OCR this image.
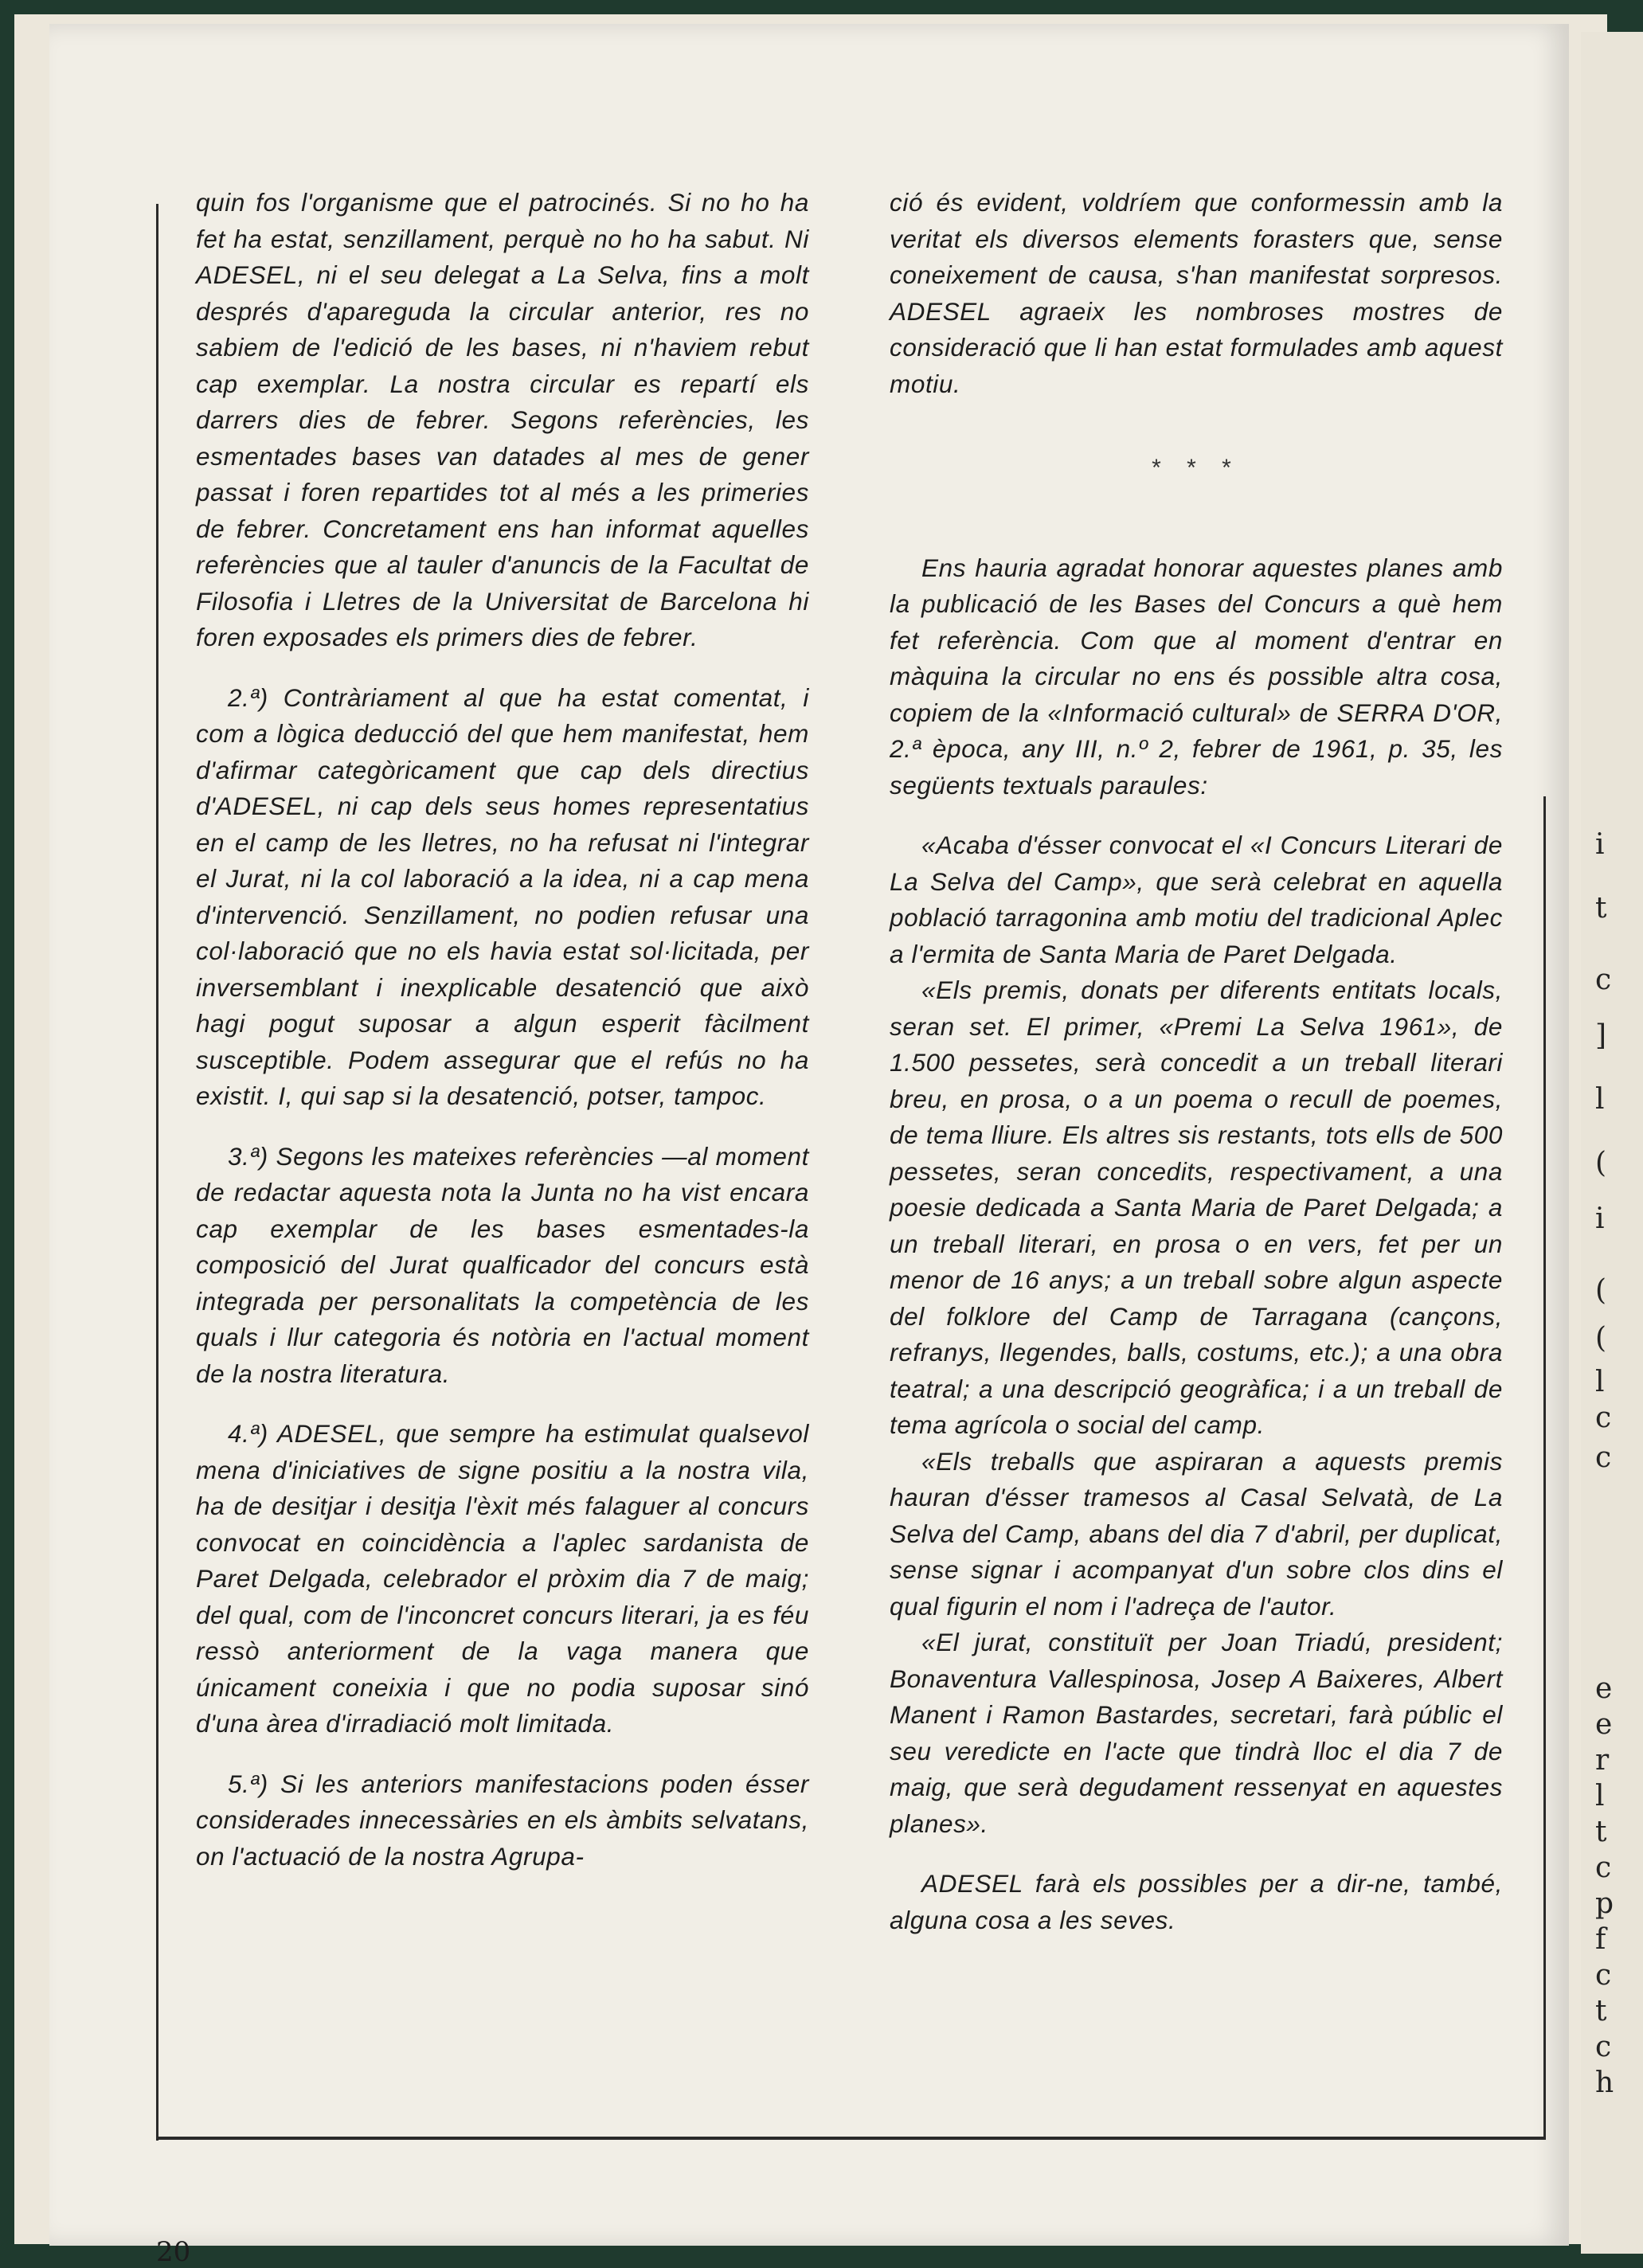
i
t
c
]
l
(
i
(
(
l
c
c
e
e
r
l
t
c
p
f
c
t
c
h

quin fos l'organisme que el patrocinés. Si no ho ha fet ha estat, senzillament, perquè no ho ha sabut. Ni ADESEL, ni el seu delegat a La Selva, fins a molt després d'apareguda la circular anterior, res no sabiem de l'edició de les bases, ni n'haviem rebut cap exemplar. La nostra circular es repartí els darrers dies de febrer. Segons referències, les esmentades bases van datades al mes de gener passat i foren repartides tot al més a les primeries de febrer. Concretament ens han informat aquelles referències que al tauler d'anuncis de la Facultat de Filosofia i Lletres de la Universitat de Barcelona hi foren exposades els primers dies de febrer.

2.ª) Contràriament al que ha estat comentat, i com a lògica deducció del que hem manifestat, hem d'afirmar categòricament que cap dels directius d'ADESEL, ni cap dels seus homes representatius en el camp de les lletres, no ha refusat ni l'integrar el Jurat, ni la col laboració a la idea, ni a cap mena d'intervenció. Senzillament, no podien refusar una col·laboració que no els havia estat sol·licitada, per inversemblant i inexplicable desatenció que això hagi pogut suposar a algun esperit fàcilment susceptible. Podem assegurar que el refús no ha existit. I, qui sap si la desatenció, potser, tampoc.

3.ª) Segons les mateixes referències —al moment de redactar aquesta nota la Junta no ha vist encara cap exemplar de les bases esmentades-la composició del Jurat qualficador del concurs està integrada per personalitats la competència de les quals i llur categoria és notòria en l'actual moment de la nostra literatura.

4.ª) ADESEL, que sempre ha estimulat qualsevol mena d'iniciatives de signe positiu a la nostra vila, ha de desitjar i desitja l'èxit més falaguer al concurs convocat en coincidència a l'aplec sardanista de Paret Delgada, celebrador el pròxim dia 7 de maig; del qual, com de l'inconcret concurs literari, ja es féu ressò anteriorment de la vaga manera que únicament coneixia i que no podia suposar sinó d'una àrea d'irradiació molt limitada.

5.ª) Si les anteriors manifestacions poden ésser considerades innecessàries en els àmbits selvatans, on l'actuació de la nostra Agrupa-

ció és evident, voldríem que conformessin amb la veritat els diversos elements forasters que, sense coneixement de causa, s'han manifestat sorpresos. ADESEL agraeix les nombroses mostres de consideració que li han estat formulades amb aquest motiu.

* * *

Ens hauria agradat honorar aquestes planes amb la publicació de les Bases del Concurs a què hem fet referència. Com que al moment d'entrar en màquina la circular no ens és possible altra cosa, copiem de la «Informació cultural» de SERRA D'OR, 2.ª època, any III, n.º 2, febrer de 1961, p. 35, les següents textuals paraules:

«Acaba d'ésser convocat el «I Concurs Literari de La Selva del Camp», que serà celebrat en aquella població tarragonina amb motiu del tradicional Aplec a l'ermita de Santa Maria de Paret Delgada.

«Els premis, donats per diferents entitats locals, seran set. El primer, «Premi La Selva 1961», de 1.500 pessetes, serà concedit a un treball literari breu, en prosa, o a un poema o recull de poemes, de tema lliure. Els altres sis restants, tots ells de 500 pessetes, seran concedits, respectivament, a una poesie dedicada a Santa Maria de Paret Delgada; a un treball literari, en prosa o en vers, fet per un menor de 16 anys; a un treball sobre algun aspecte del folklore del Camp de Tarragana (cançons, refranys, llegendes, balls, costums, etc.); a una obra teatral; a una descripció geogràfica; i a un treball de tema agrícola o social del camp.

«Els treballs que aspiraran a aquests premis hauran d'ésser tramesos al Casal Selvatà, de La Selva del Camp, abans del dia 7 d'abril, per duplicat, sense signar i acompanyat d'un sobre clos dins el qual figurin el nom i l'adreça de l'autor.

«El jurat, constituït per Joan Triadú, president; Bonaventura Vallespinosa, Josep A Baixeres, Albert Manent i Ramon Bastardes, secretari, farà públic el seu veredicte en l'acte que tindrà lloc el dia 7 de maig, que serà degudament ressenyat en aquestes planes».

ADESEL farà els possibles per a dir-ne, també, alguna cosa a les seves.

20
